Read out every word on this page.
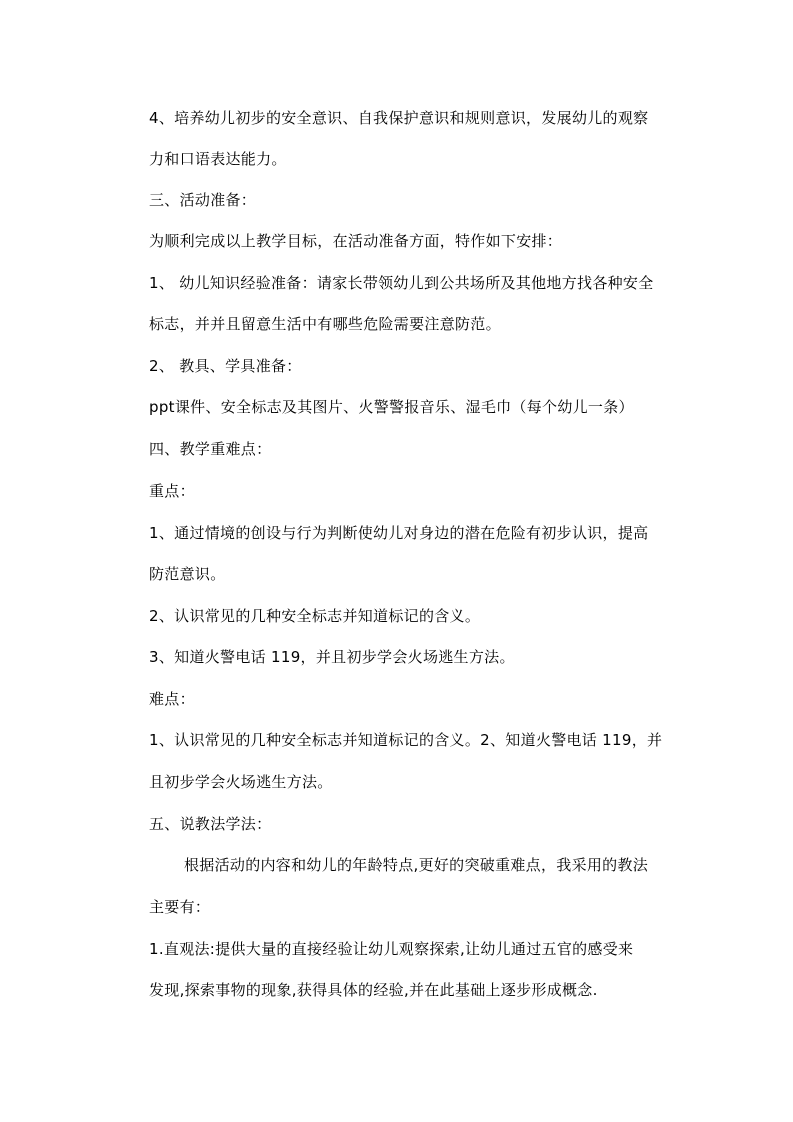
4、培养幼儿初步的安全意识、自我保护意识和规则意识，发展幼儿的观察
力和口语表达能力。
三、活动准备：
为顺利完成以上教学目标，在活动准备方面，特作如下安排：
1、 幼儿知识经验准备：请家长带领幼儿到公共场所及其他地方找各种安全
标志，并并且留意生活中有哪些危险需要注意防范。
2、 教具、学具准备：
ppt课件、安全标志及其图片、火警警报音乐、湿毛巾（每个幼儿一条）
四、教学重难点：
重点：
1、通过情境的创设与行为判断使幼儿对身边的潜在危险有初步认识，提高
防范意识。
2、认识常见的几种安全标志并知道标记的含义。
3、知道火警电话 119，并且初步学会火场逃生方法。
难点：
1、认识常见的几种安全标志并知道标记的含义。2、知道火警电话 119，并
且初步学会火场逃生方法。
五、说教法学法：
根据活动的内容和幼儿的年龄特点,更好的突破重难点，我采用的教法
主要有：
1.直观法:提供大量的直接经验让幼儿观察探索,让幼儿通过五官的感受来
发现,探索事物的现象,获得具体的经验,并在此基础上逐步形成概念.
